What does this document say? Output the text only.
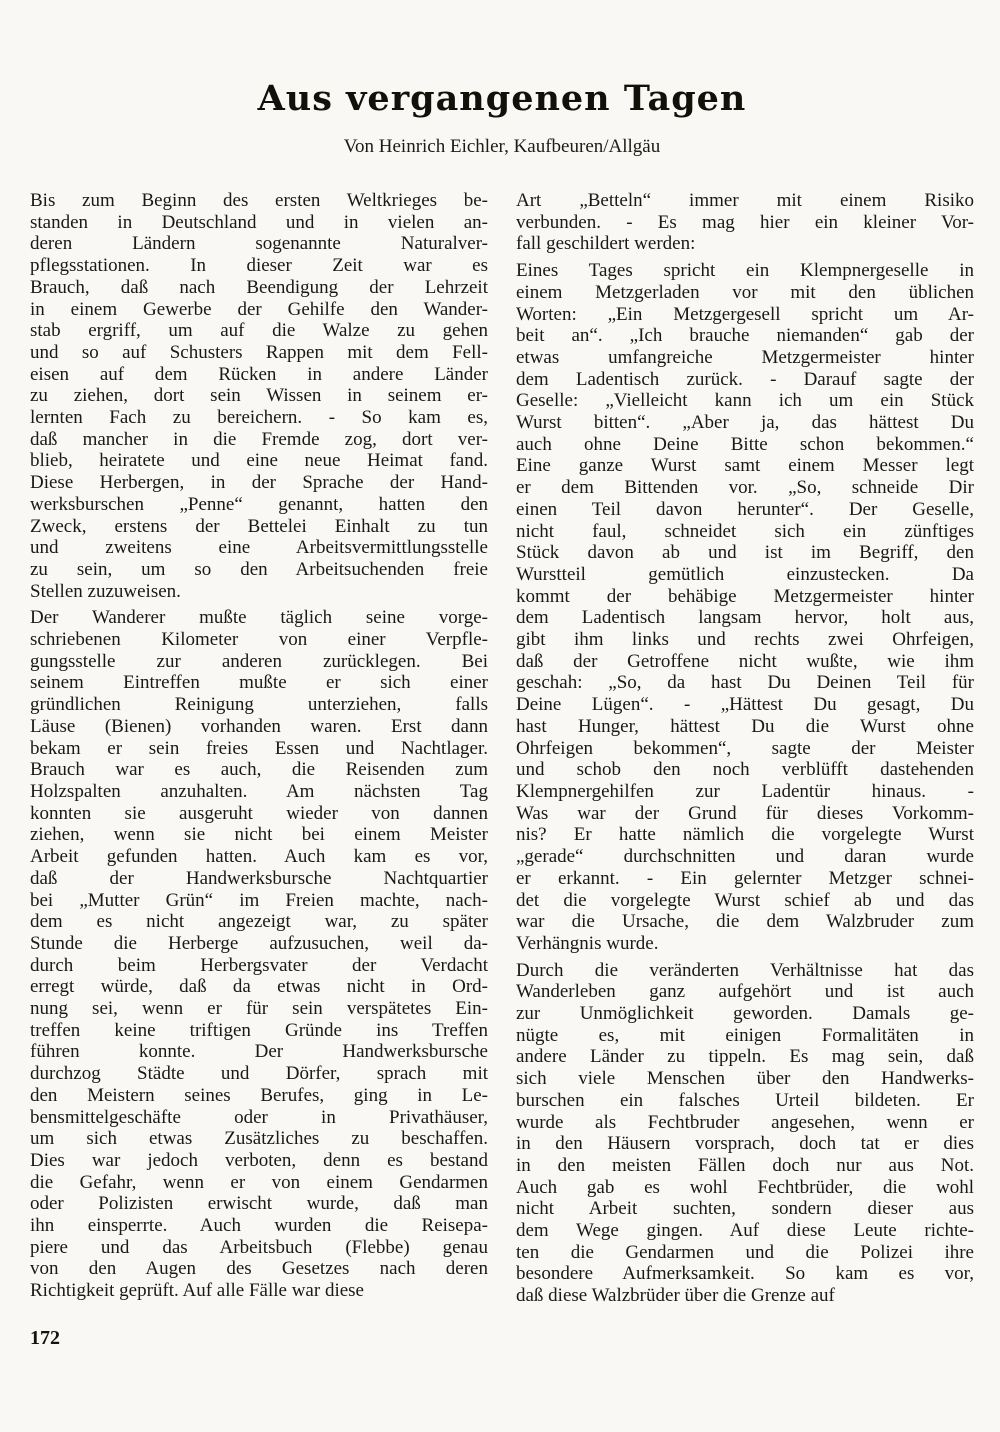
Aus vergangenen Tagen
Von Heinrich Eichler, Kaufbeuren/Allgäu
Bis zum Beginn des ersten Weltkrieges be-
standen in Deutschland und in vielen an-
deren Ländern sogenannte Naturalver-
pflegsstationen. In dieser Zeit war es
Brauch, daß nach Beendigung der Lehrzeit
in einem Gewerbe der Gehilfe den Wander-
stab ergriff, um auf die Walze zu gehen
und so auf Schusters Rappen mit dem Fell-
eisen auf dem Rücken in andere Länder
zu ziehen, dort sein Wissen in seinem er-
lernten Fach zu bereichern. - So kam es,
daß mancher in die Fremde zog, dort ver-
blieb, heiratete und eine neue Heimat fand.
Diese Herbergen, in der Sprache der Hand-
werksburschen „Penne“ genannt, hatten den
Zweck, erstens der Bettelei Einhalt zu tun
und zweitens eine Arbeitsvermittlungsstelle
zu sein, um so den Arbeitsuchenden freie
Stellen zuzuweisen.
Der Wanderer mußte täglich seine vorge-
schriebenen Kilometer von einer Verpfle-
gungsstelle zur anderen zurücklegen. Bei
seinem Eintreffen mußte er sich einer
gründlichen Reinigung unterziehen, falls
Läuse (Bienen) vorhanden waren. Erst dann
bekam er sein freies Essen und Nachtlager.
Brauch war es auch, die Reisenden zum
Holzspalten anzuhalten. Am nächsten Tag
konnten sie ausgeruht wieder von dannen
ziehen, wenn sie nicht bei einem Meister
Arbeit gefunden hatten. Auch kam es vor,
daß der Handwerksbursche Nachtquartier
bei „Mutter Grün“ im Freien machte, nach-
dem es nicht angezeigt war, zu später
Stunde die Herberge aufzusuchen, weil da-
durch beim Herbergsvater der Verdacht
erregt würde, daß da etwas nicht in Ord-
nung sei, wenn er für sein verspätetes Ein-
treffen keine triftigen Gründe ins Treffen
führen konnte. Der Handwerksbursche
durchzog Städte und Dörfer, sprach mit
den Meistern seines Berufes, ging in Le-
bensmittelgeschäfte oder in Privathäuser,
um sich etwas Zusätzliches zu beschaffen.
Dies war jedoch verboten, denn es bestand
die Gefahr, wenn er von einem Gendarmen
oder Polizisten erwischt wurde, daß man
ihn einsperrte. Auch wurden die Reisepa-
piere und das Arbeitsbuch (Flebbe) genau
von den Augen des Gesetzes nach deren
Richtigkeit geprüft. Auf alle Fälle war diese
Art „Betteln“ immer mit einem Risiko
verbunden. - Es mag hier ein kleiner Vor-
fall geschildert werden:
Eines Tages spricht ein Klempnergeselle in
einem Metzgerladen vor mit den üblichen
Worten: „Ein Metzgergesell spricht um Ar-
beit an“. „Ich brauche niemanden“ gab der
etwas umfangreiche Metzgermeister hinter
dem Ladentisch zurück. - Darauf sagte der
Geselle: „Vielleicht kann ich um ein Stück
Wurst bitten“. „Aber ja, das hättest Du
auch ohne Deine Bitte schon bekommen.“
Eine ganze Wurst samt einem Messer legt
er dem Bittenden vor. „So, schneide Dir
einen Teil davon herunter“. Der Geselle,
nicht faul, schneidet sich ein zünftiges
Stück davon ab und ist im Begriff, den
Wurstteil gemütlich einzustecken. Da
kommt der behäbige Metzgermeister hinter
dem Ladentisch langsam hervor, holt aus,
gibt ihm links und rechts zwei Ohrfeigen,
daß der Getroffene nicht wußte, wie ihm
geschah: „So, da hast Du Deinen Teil für
Deine Lügen“. - „Hättest Du gesagt, Du
hast Hunger, hättest Du die Wurst ohne
Ohrfeigen bekommen“, sagte der Meister
und schob den noch verblüfft dastehenden
Klempnergehilfen zur Ladentür hinaus. -
Was war der Grund für dieses Vorkomm-
nis? Er hatte nämlich die vorgelegte Wurst
„gerade“ durchschnitten und daran wurde
er erkannt. - Ein gelernter Metzger schnei-
det die vorgelegte Wurst schief ab und das
war die Ursache, die dem Walzbruder zum
Verhängnis wurde.
Durch die veränderten Verhältnisse hat das
Wanderleben ganz aufgehört und ist auch
zur Unmöglichkeit geworden. Damals ge-
nügte es, mit einigen Formalitäten in
andere Länder zu tippeln. Es mag sein, daß
sich viele Menschen über den Handwerks-
burschen ein falsches Urteil bildeten. Er
wurde als Fechtbruder angesehen, wenn er
in den Häusern vorsprach, doch tat er dies
in den meisten Fällen doch nur aus Not.
Auch gab es wohl Fechtbrüder, die wohl
nicht Arbeit suchten, sondern dieser aus
dem Wege gingen. Auf diese Leute richte-
ten die Gendarmen und die Polizei ihre
besondere Aufmerksamkeit. So kam es vor,
daß diese Walzbrüder über die Grenze auf
172
